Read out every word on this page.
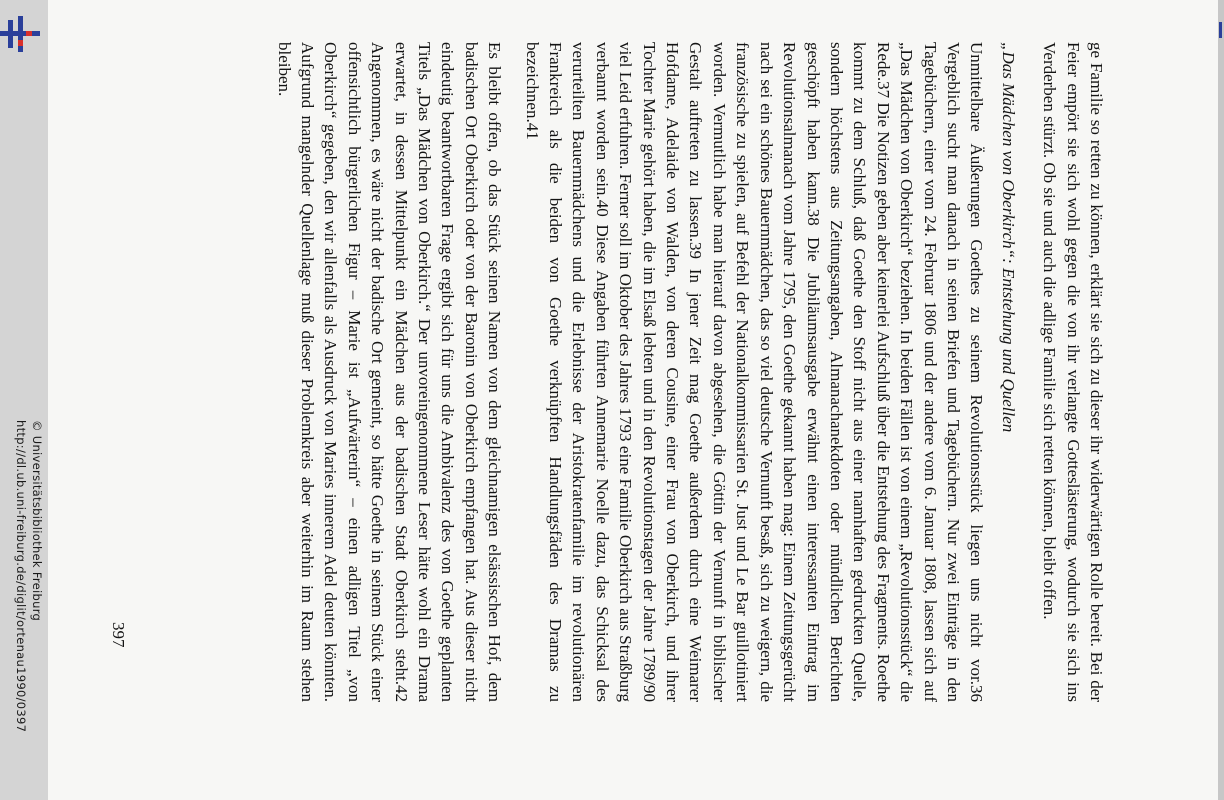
http://dl.ub.uni-freiburg.de/diglit/ortenau1990/0397 © Universitätsbibliothek Freiburg	ge Familie so retten zu können, erklärt sie sich zu dieser ihr widerwärtigen Rolle bereit. Bei der Feier empört sie sich wohl gegen die von ihr verlangte Gotteslästerung, wodurch sie sich ins Verderben stürzt. Ob sie und auch die adlige Familie sich retten können, bleibt offen.

„Das Mädchen von Oberkirch“: Entstehung und Quellen

Unmittelbare Äußerungen Goethes zu seinem Revolutionsstück liegen uns nicht vor.36 Vergeblich sucht man danach in seinen Briefen und Tagebüchern. Nur zwei Einträge in den Tagebüchern, einer vom 24. Februar 1806 und der andere vom 6. Januar 1808, lassen sich auf „Das Mädchen von Oberkirch“ beziehen. In beiden Fällen ist von einem „Revolutionsstück“ die Rede.37 Die Notizen geben aber keinerlei Aufschluß über die Entstehung des Fragments. Roethe kommt zu dem Schluß, daß Goethe den Stoff nicht aus einer namhaften gedruckten Quelle, sondern höchstens aus Zeitungsangaben, Almanachanekdoten oder mündlichen Berichten geschöpft haben kann.38 Die Jubiläumsausgabe erwähnt einen interessanten Eintrag im Revolutionsalmanach vom Jahre 1795, den Goethe gekannt haben mag: Einem Zeitungsgerücht nach sei ein schönes Bauernmädchen, das so viel deutsche Vernunft besaß, sich zu weigern, die französische zu spielen, auf Befehl der Nationalkommissarien St. Just und Le Bar guillotiniert worden. Vermutlich habe man hierauf davon abgesehen, die Göttin der Vernunft in biblischer Gestalt auftreten zu lassen.39 In jener Zeit mag Goethe außerdem durch eine Weimarer Hofdame, Adelaide von Walden, von deren Cousine, einer Frau von Oberkirch, und ihrer Tochter Marie gehört haben, die im Elsaß lebten und in den Revolutionstagen der Jahre 1789/90 viel Leid erfuhren. Ferner soll im Oktober des Jahres 1793 eine Familie Oberkirch aus Straßburg verbannt worden sein.40 Diese Angaben führten Annemarie Noelle dazu, das Schicksal des verurteilten Bauernmädchens und die Erlebnisse der Aristokratenfamilie im revolutionären Frankreich als die beiden von Goethe verknüpften Handlungsfäden des Dramas zu bezeichnen.41

Es bleibt offen, ob das Stück seinen Namen von dem gleichnamigen elsässischen Hof, dem badischen Ort Oberkirch oder von der Baronin von Oberkirch empfangen hat. Aus dieser nicht eindeutig beantwortbaren Frage ergibt sich für uns die Ambivalenz des von Goethe geplanten Titels „Das Mädchen von Oberkirch.“ Der unvoreingenommene Leser hätte wohl ein Drama erwartet, in dessen Mittelpunkt ein Mädchen aus der badischen Stadt Oberkirch steht.42 Angenommen, es wäre nicht der badische Ort gemeint, so hätte Goethe in seinem Stück einer offensichtlich bürgerlichen Figur – Marie ist „Aufwärterin“ – einen adligen Titel „von Oberkirch“ gegeben, den wir allenfalls als Ausdruck von Maries innerem Adel deuten könnten. Aufgrund mangelnder Quellenlage muß dieser Problemkreis aber weiterhin im Raum stehen bleiben.

397
